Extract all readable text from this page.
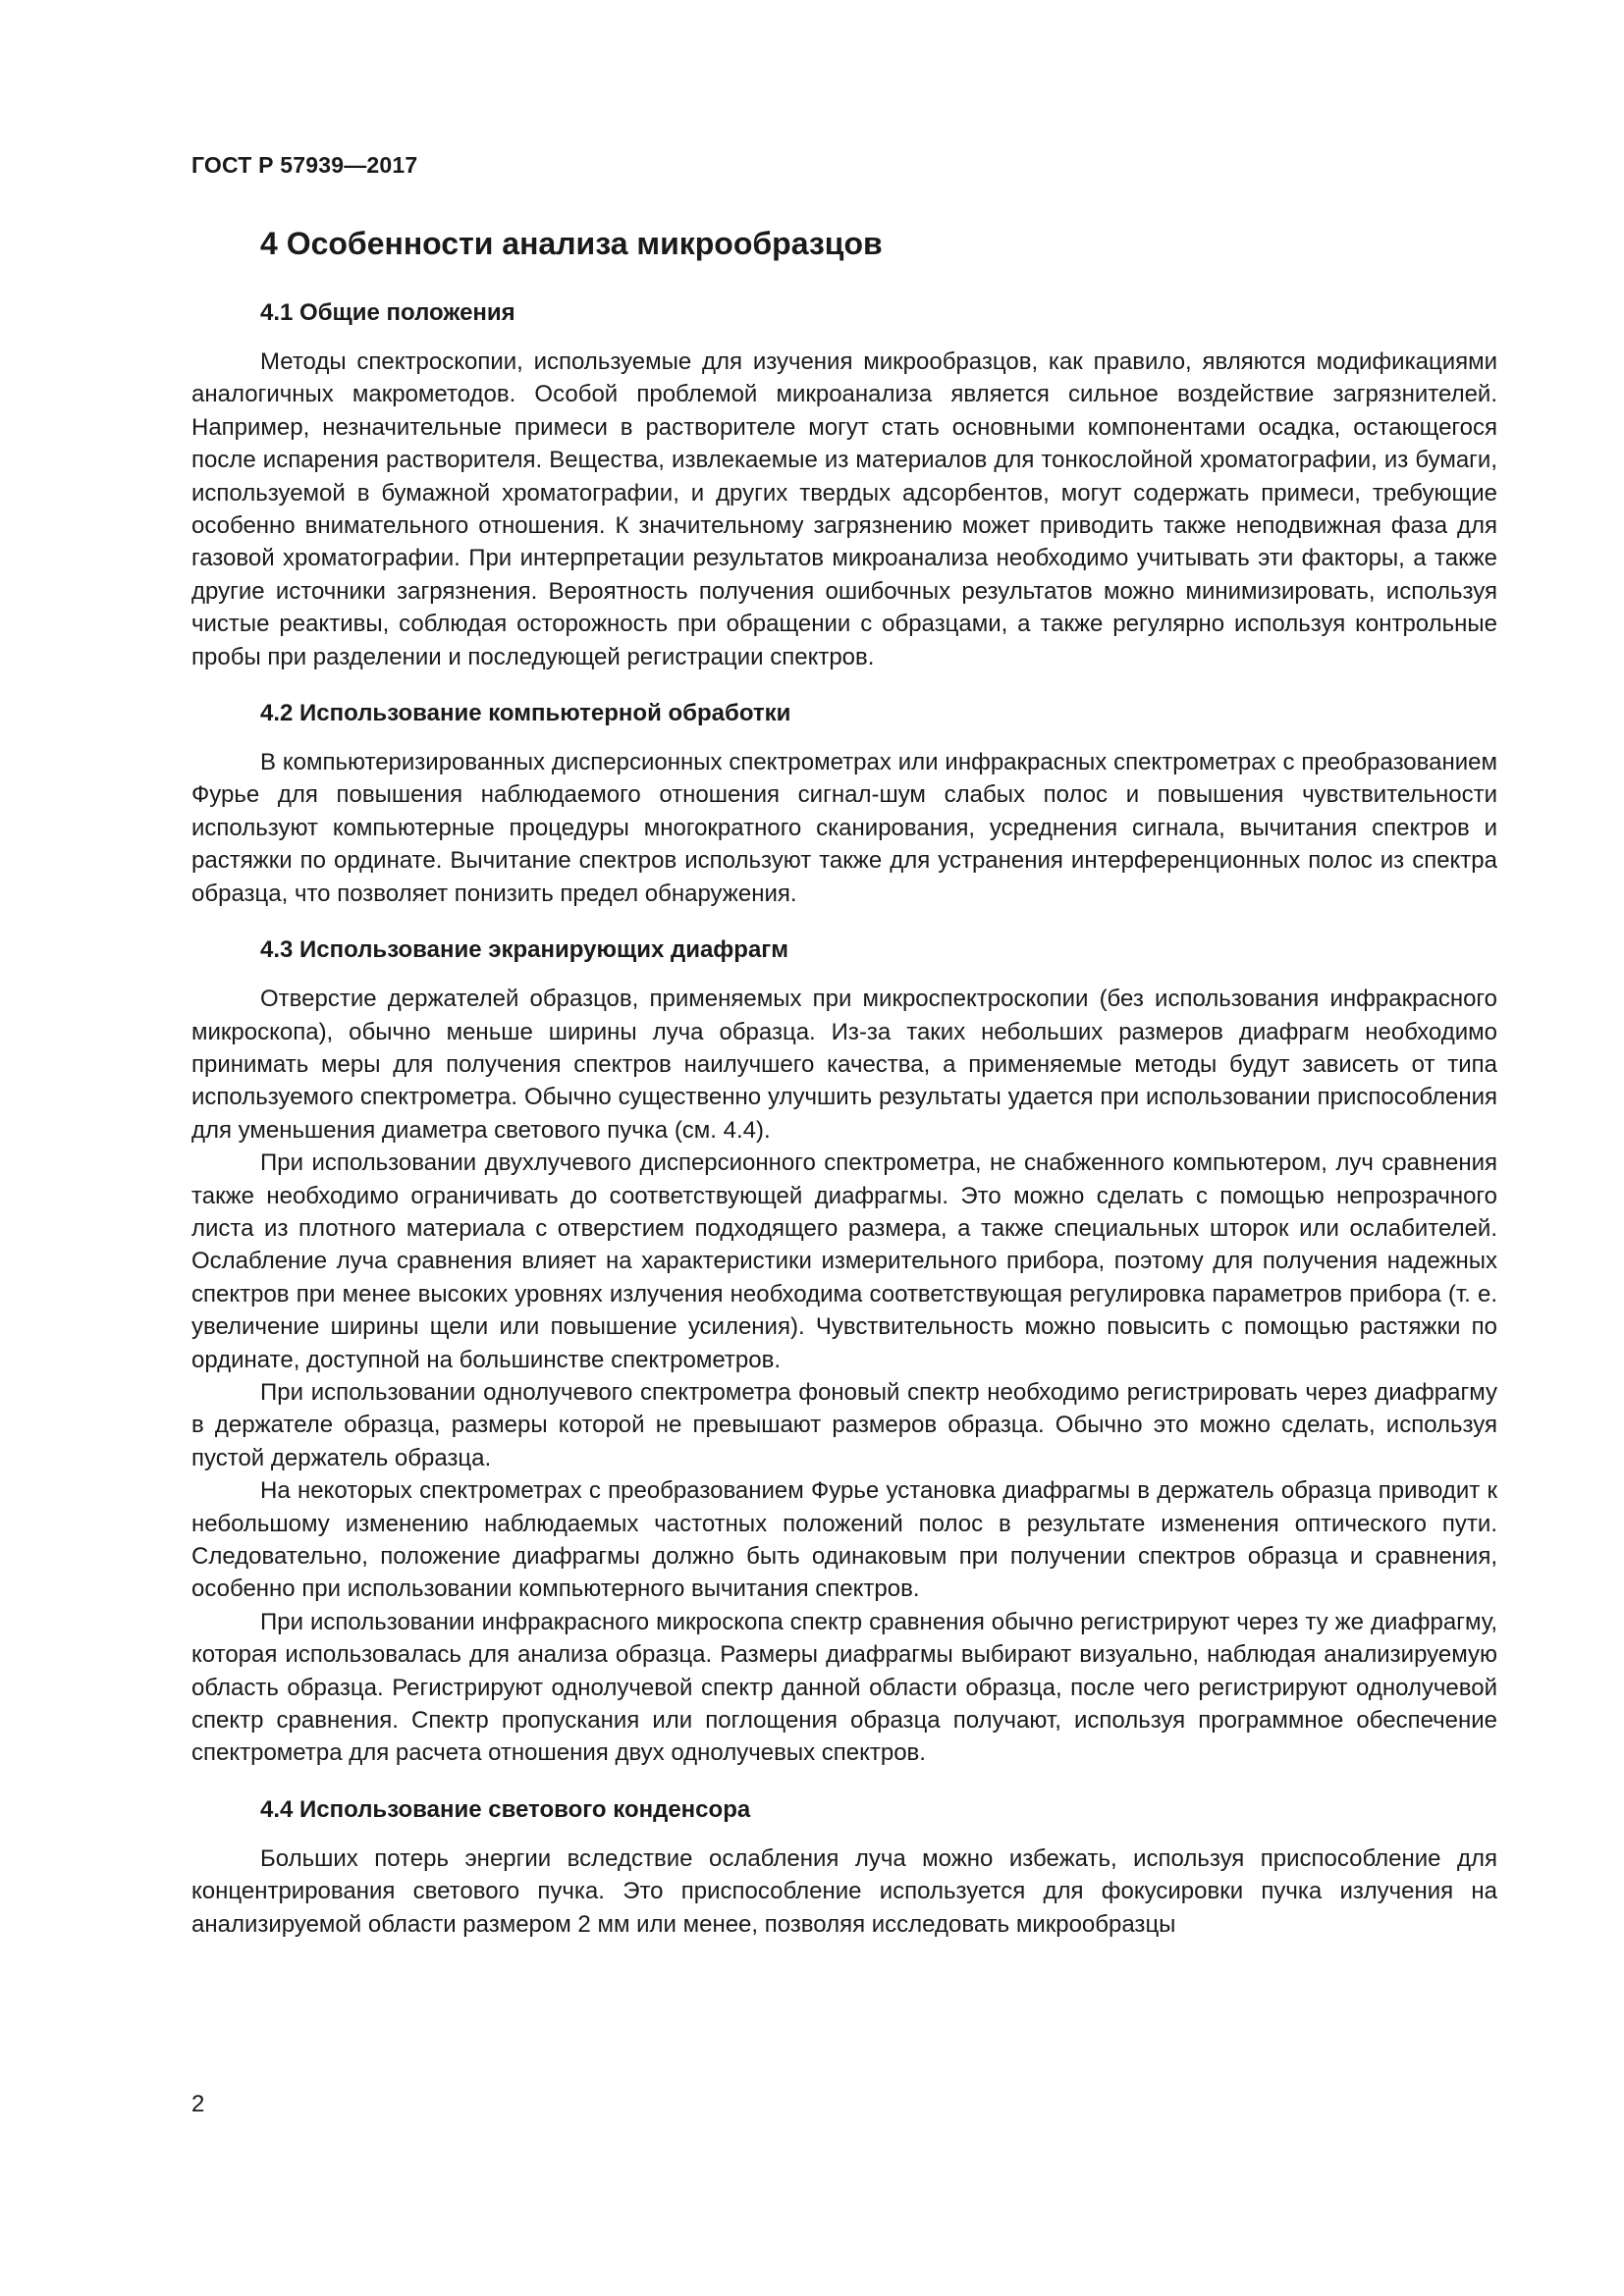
ГОСТ Р 57939—2017
4 Особенности анализа микрообразцов
4.1 Общие положения

Методы спектроскопии, используемые для изучения микрообразцов, как правило, являются модификациями аналогичных макрометодов. Особой проблемой микроанализа является сильное воздействие загрязнителей. Например, незначительные примеси в растворителе могут стать основными компонентами осадка, остающегося после испарения растворителя. Вещества, извлекаемые из материалов для тонкослойной хроматографии, из бумаги, используемой в бумажной хроматографии, и других твердых адсорбентов, могут содержать примеси, требующие особенно внимательного отношения. К значительному загрязнению может приводить также неподвижная фаза для газовой хроматографии. При интерпретации результатов микроанализа необходимо учитывать эти факторы, а также другие источники загрязнения. Вероятность получения ошибочных результатов можно минимизировать, используя чистые реактивы, соблюдая осторожность при обращении с образцами, а также регулярно используя контрольные пробы при разделении и последующей регистрации спектров.

4.2 Использование компьютерной обработки

В компьютеризированных дисперсионных спектрометрах или инфракрасных спектрометрах с преобразованием Фурье для повышения наблюдаемого отношения сигнал-шум слабых полос и повышения чувствительности используют компьютерные процедуры многократного сканирования, усреднения сигнала, вычитания спектров и растяжки по ординате. Вычитание спектров используют также для устранения интерференционных полос из спектра образца, что позволяет понизить предел обнаружения.

4.3 Использование экранирующих диафрагм

Отверстие держателей образцов, применяемых при микроспектроскопии (без использования инфракрасного микроскопа), обычно меньше ширины луча образца. Из-за таких небольших размеров диафрагм необходимо принимать меры для получения спектров наилучшего качества, а применяемые методы будут зависеть от типа используемого спектрометра. Обычно существенно улучшить результаты удается при использовании приспособления для уменьшения диаметра светового пучка (см. 4.4).

При использовании двухлучевого дисперсионного спектрометра, не снабженного компьютером, луч сравнения также необходимо ограничивать до соответствующей диафрагмы. Это можно сделать с помощью непрозрачного листа из плотного материала с отверстием подходящего размера, а также специальных шторок или ослабителей. Ослабление луча сравнения влияет на характеристики измерительного прибора, поэтому для получения надежных спектров при менее высоких уровнях излучения необходима соответствующая регулировка параметров прибора (т. е. увеличение ширины щели или повышение усиления). Чувствительность можно повысить с помощью растяжки по ординате, доступной на большинстве спектрометров.

При использовании однолучевого спектрометра фоновый спектр необходимо регистрировать через диафрагму в держателе образца, размеры которой не превышают размеров образца. Обычно это можно сделать, используя пустой держатель образца.

На некоторых спектрометрах с преобразованием Фурье установка диафрагмы в держатель образца приводит к небольшому изменению наблюдаемых частотных положений полос в результате изменения оптического пути. Следовательно, положение диафрагмы должно быть одинаковым при получении спектров образца и сравнения, особенно при использовании компьютерного вычитания спектров.

При использовании инфракрасного микроскопа спектр сравнения обычно регистрируют через ту же диафрагму, которая использовалась для анализа образца. Размеры диафрагмы выбирают визуально, наблюдая анализируемую область образца. Регистрируют однолучевой спектр данной области образца, после чего регистрируют однолучевой спектр сравнения. Спектр пропускания или поглощения образца получают, используя программное обеспечение спектрометра для расчета отношения двух однолучевых спектров.

4.4 Использование светового конденсора

Больших потерь энергии вследствие ослабления луча можно избежать, используя приспособление для концентрирования светового пучка. Это приспособление используется для фокусировки пучка излучения на анализируемой области размером 2 мм или менее, позволяя исследовать микрообразцы

2
